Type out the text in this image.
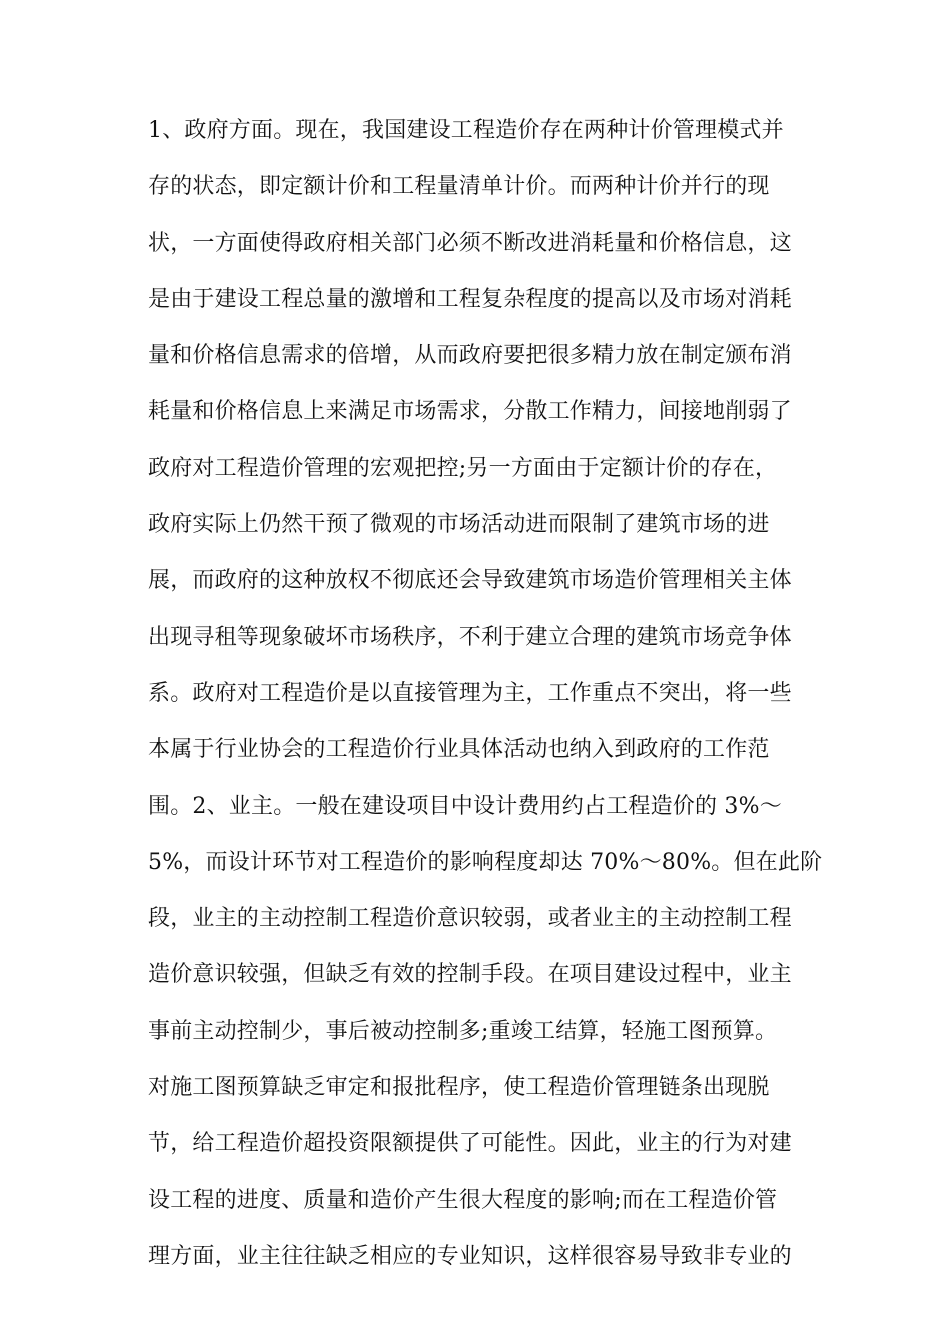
1、政府方面。现在，我国建设工程造价存在两种计价管理模式并
存的状态，即定额计价和工程量清单计价。而两种计价并行的现
状，一方面使得政府相关部门必须不断改进消耗量和价格信息，这
是由于建设工程总量的激增和工程复杂程度的提高以及市场对消耗
量和价格信息需求的倍增，从而政府要把很多精力放在制定颁布消
耗量和价格信息上来满足市场需求，分散工作精力，间接地削弱了
政府对工程造价管理的宏观把控;另一方面由于定额计价的存在，
政府实际上仍然干预了微观的市场活动进而限制了建筑市场的进
展，而政府的这种放权不彻底还会导致建筑市场造价管理相关主体
出现寻租等现象破坏市场秩序，不利于建立合理的建筑市场竞争体
系。政府对工程造价是以直接管理为主，工作重点不突出，将一些
本属于行业协会的工程造价行业具体活动也纳入到政府的工作范
围。2、业主。一般在建设项目中设计费用约占工程造价的 3%～
5%，而设计环节对工程造价的影响程度却达 70%～80%。但在此阶
段，业主的主动控制工程造价意识较弱，或者业主的主动控制工程
造价意识较强，但缺乏有效的控制手段。在项目建设过程中，业主
事前主动控制少，事后被动控制多;重竣工结算，轻施工图预算。
对施工图预算缺乏审定和报批程序，使工程造价管理链条出现脱
节，给工程造价超投资限额提供了可能性。因此，业主的行为对建
设工程的进度、质量和造价产生很大程度的影响;而在工程造价管
理方面，业主往往缺乏相应的专业知识，这样很容易导致非专业的
